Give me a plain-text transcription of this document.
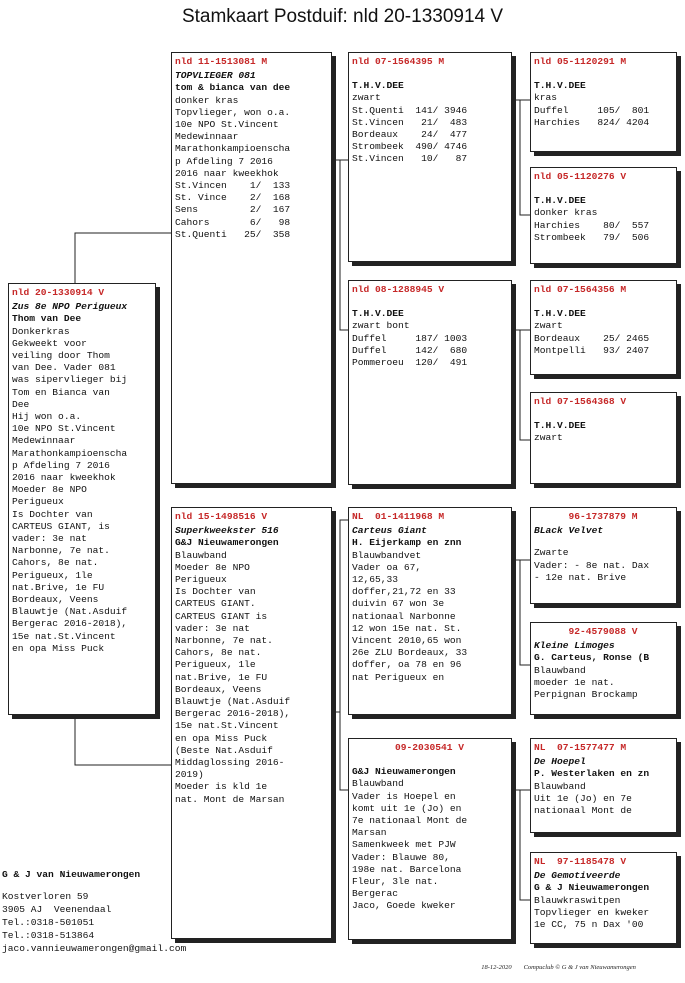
Stamkaart Postduif: nld 20-1330914 V
nld 20-1330914 V
Zus 8e NPO Perigueux
Thom van Dee
Donkerkras
Gekweekt voor
veiling door Thom
van Dee. Vader 081
was sipervlieger bij
Tom en Bianca van
Dee
Hij won o.a.
10e NPO St.Vincent
Medewinnaar
Marathonkampioenscha
p Afdeling 7 2016
2016 naar kweekhok
Moeder 8e NPO
Perigueux
Is Dochter van
CARTEUS GIANT, is
vader: 3e nat
Narbonne, 7e nat.
Cahors, 8e nat.
Perigueux, 1le
nat.Brive, 1e FU
Bordeaux, Veens
Blauwtje (Nat.Asduif
Bergerac 2016-2018),
15e nat.St.Vincent
en opa Miss Puck
nld 11-1513081 M
TOPVLIEGER 081
tom & bianca van dee
donker kras
Topvlieger, won o.a.
10e NPO St.Vincent
Medewinnaar
Marathonkampioenscha
p Afdeling 7 2016
2016 naar kweekhok
St.Vincen    1/  133
St. Vince    2/  168
Sens         2/  167
Cahors       6/   98
St.Quenti   25/  358
nld 15-1498516 V
Superkweekster 516
G&J Nieuwamerongen
Blauwband
Moeder 8e NPO
Perigueux
Is Dochter van
CARTEUS GIANT.
CARTEUS GIANT is
vader: 3e nat
Narbonne, 7e nat.
Cahors, 8e nat.
Perigueux, 1le
nat.Brive, 1e FU
Bordeaux, Veens
Blauwtje (Nat.Asduif
Bergerac 2016-2018),
15e nat.St.Vincent
en opa Miss Puck
(Beste Nat.Asduif
Middaglossing 2016-
2019)
Moeder is kld 1e
nat. Mont de Marsan
nld 07-1564395 M
T.H.V.DEE
zwart
St.Quenti  141/ 3946
St.Vincen   21/  483
Bordeaux    24/  477
Strombeek  490/ 4746
St.Vincen   10/   87
nld 08-1288945 V
T.H.V.DEE
zwart bont
Duffel     187/ 1003
Duffel     142/  680
Pommeroeu  120/  491
NL  01-1411968 M
Carteus Giant
H. Eijerkamp en znn
Blauwbandvet
Vader oa 67,
12,65,33
doffer,21,72 en 33
duivin 67 won 3e
nationaal Narbonne
12 won 15e nat. St.
Vincent 2010,65 won
26e ZLU Bordeaux, 33
doffer, oa 78 en 96
nat Perigueux en
09-2030541 V
G&J Nieuwamerongen
Blauwband
Vader is Hoepel en
komt uit 1e (Jo) en
7e nationaal Mont de
Marsan
Samenkweek met PJW
Vader: Blauwe 80,
198e nat. Barcelona
Fleur, 3le nat.
Bergerac
Jaco, Goede kweker
nld 05-1120291 M
T.H.V.DEE
kras
Duffel     105/  801
Harchies   824/ 4204
nld 05-1120276 V
T.H.V.DEE
donker kras
Harchies    80/  557
Strombeek   79/  506
nld 07-1564356 M
T.H.V.DEE
zwart
Bordeaux    25/ 2465
Montpelli   93/ 2407
nld 07-1564368 V
T.H.V.DEE
zwart
96-1737879 M
BLack Velvet
Zwarte
Vader: - 8e nat. Dax
- 12e nat. Brive
92-4579088 V
Kleine Limoges
G. Carteus, Ronse (B
Blauwband
moeder 1e nat.
Perpignan Brockamp
NL  07-1577477 M
De Hoepel
P. Westerlaken en zn
Blauwband
Uit 1e (Jo) en 7e
nationaal Mont de
NL  97-1185478 V
De Gemotiveerde
G & J Nieuwamerongen
Blauwkraswitpen
Topvlieger en kweker
1e CC, 75 n Dax '00
G & J van Nieuwamerongen
Kostverloren 59
3905 AJ  Veenendaal
Tel.:0318-501051
Tel.:0318-513864
jaco.vannieuwamerongen@gmail.com

18-12-2020 Compuclub © G & J van Nieuwamerongen
